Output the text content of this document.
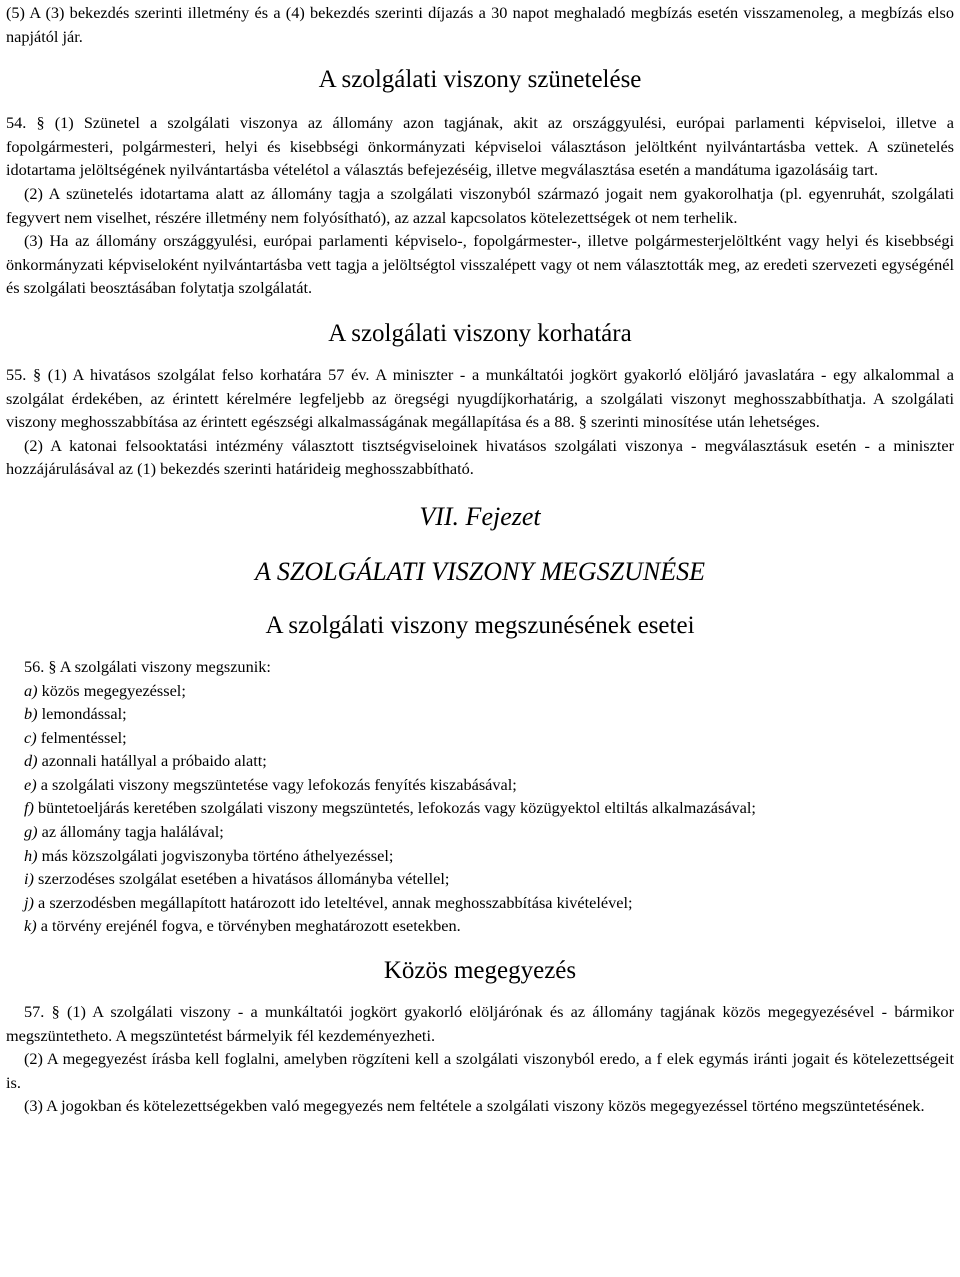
(5) A (3) bekezdés szerinti illetmény és a (4) bekezdés szerinti díjazás a 30 napot meghaladó megbízás esetén visszamenoleg, a megbízás elso napjától jár.

A szolgálati viszony szünetelése

54. § (1) Szünetel a szolgálati viszonya az állomány azon tagjának, akit az országgyulési, európai parlamenti képviseloi, illetve a fopolgármesteri, polgármesteri, helyi és kisebbségi önkormányzati képviseloi választáson jelöltként nyilvántartásba vettek. A szünetelés idotartama jelöltségének nyilvántartásba vételétol a választás befejezéséig, illetve megválasztása esetén a mandátuma igazolásáig tart.

(2) A szünetelés idotartama alatt az állomány tagja a szolgálati viszonyból származó jogait nem gyakorolhatja (pl. egyenruhát, szolgálati fegyvert nem viselhet, részére illetmény nem folyósítható), az azzal kapcsolatos kötelezettségek ot nem terhelik.

(3) Ha az állomány országgyulési, európai parlamenti képviselo-, fopolgármester-, illetve polgármesterjelöltként vagy helyi és kisebbségi önkormányzati képviseloként nyilvántartásba vett tagja a jelöltségtol visszalépett vagy ot nem választották meg, az eredeti szervezeti egységénél és szolgálati beosztásában folytatja szolgálatát.

A szolgálati viszony korhatára

55. § (1) A hivatásos szolgálat felso korhatára 57 év. A miniszter - a munkáltatói jogkört gyakorló elöljáró javaslatára - egy alkalommal a szolgálat érdekében, az érintett kérelmére legfeljebb az öregségi nyugdíjkorhatárig, a szolgálati viszonyt meghosszabbíthatja. A szolgálati viszony meghosszabbítása az érintett egészségi alkalmasságának megállapítása és a 88. § szerinti minosítése után lehetséges.

(2) A katonai felsooktatási intézmény választott tisztségviseloinek hivatásos szolgálati viszonya - megválasztásuk esetén - a miniszter hozzájárulásával az (1) bekezdés szerinti határideig meghosszabbítható.

VII. Fejezet
A SZOLGÁLATI VISZONY MEGSZUNÉSE
A szolgálati viszony megszunésének esetei

56. § A szolgálati viszony megszunik:

a) közös megegyezéssel;
b) lemondással;
c) felmentéssel;
d) azonnali hatállyal a próbaido alatt;
e) a szolgálati viszony megszüntetése vagy lefokozás fenyítés kiszabásával;
f) büntetoeljárás keretében szolgálati viszony megszüntetés, lefokozás vagy közügyektol eltiltás alkalmazásával;
g) az állomány tagja halálával;
h) más közszolgálati jogviszonyba történo áthelyezéssel;
i) szerzodéses szolgálat esetében a hivatásos állományba vétellel;
j) a szerzodésben megállapított határozott ido leteltével, annak meghosszabbítása kivételével;
k) a törvény erejénél fogva, e törvényben meghatározott esetekben.
Közös megegyezés

57. § (1) A szolgálati viszony - a munkáltatói jogkört gyakorló elöljárónak és az állomány tagjának közös megegyezésével - bármikor megszüntetheto. A megszüntetést bármelyik fél kezdeményezheti.

(2) A megegyezést írásba kell foglalni, amelyben rögzíteni kell a szolgálati viszonyból eredo, a f elek egymás iránti jogait és kötelezettségeit is.

(3) A jogokban és kötelezettségekben való megegyezés nem feltétele a szolgálati viszony közös megegyezéssel történo megszüntetésének.
